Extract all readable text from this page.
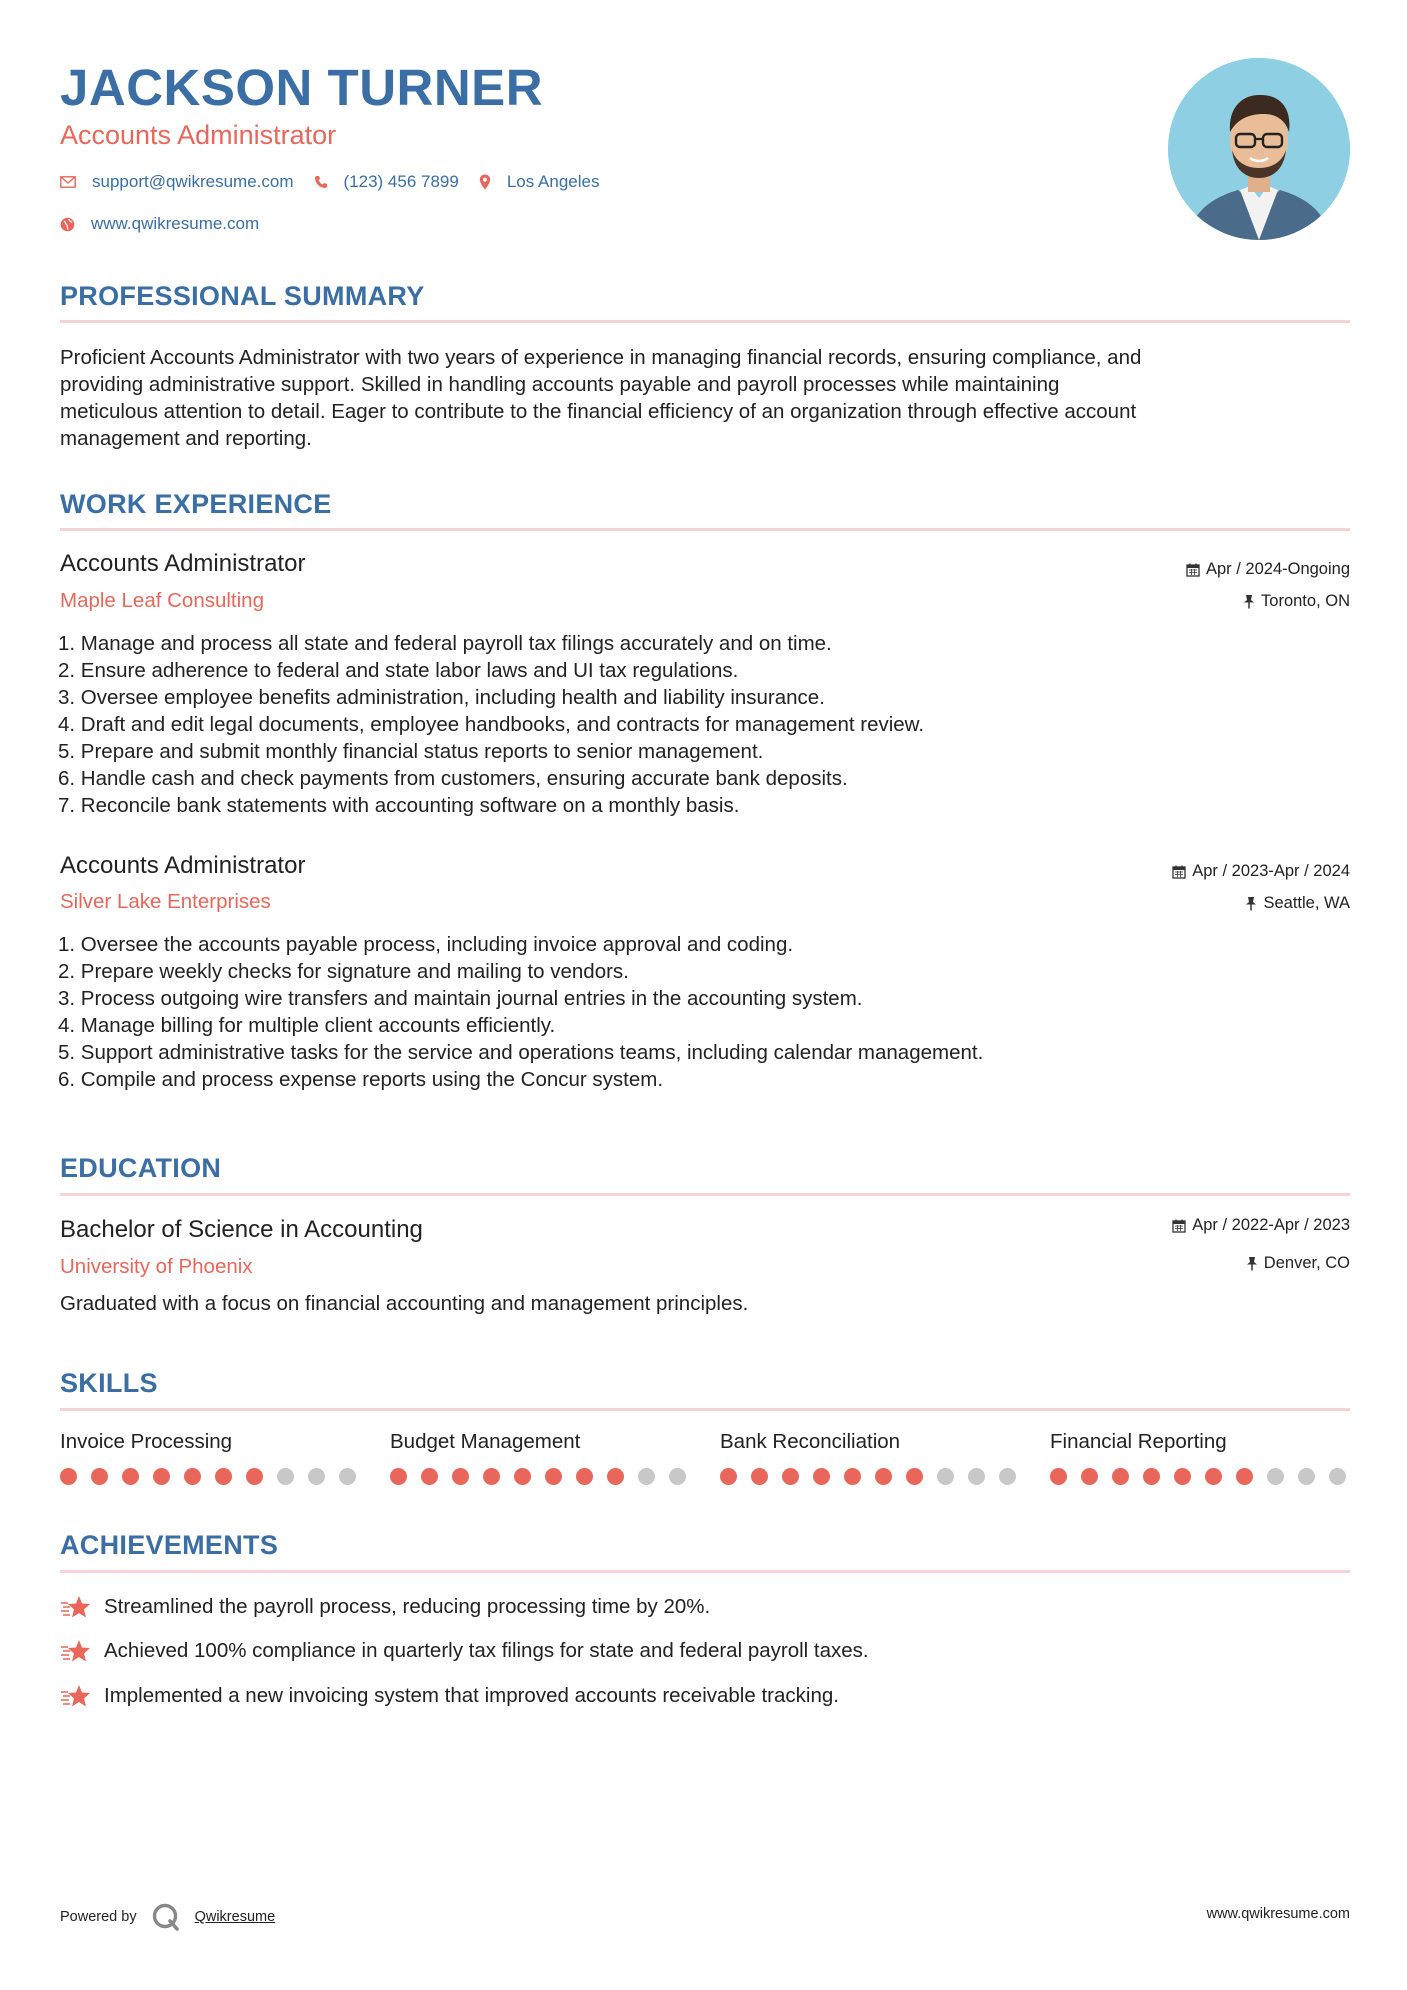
JACKSON TURNER
Accounts Administrator
support@qwikresume.com	(123) 456 7899	Los Angeles
www.qwikresume.com
PROFESSIONAL SUMMARY
Proficient Accounts Administrator with two years of experience in managing financial records, ensuring compliance, and
providing administrative support. Skilled in handling accounts payable and payroll processes while maintaining
meticulous attention to detail. Eager to contribute to the financial efficiency of an organization through effective account
management and reporting.
WORK EXPERIENCE
Accounts Administrator
Maple Leaf Consulting
Apr / 2024-Ongoing
Toronto, ON
1. Manage and process all state and federal payroll tax filings accurately and on time.
2. Ensure adherence to federal and state labor laws and UI tax regulations.
3. Oversee employee benefits administration, including health and liability insurance.
4. Draft and edit legal documents, employee handbooks, and contracts for management review.
5. Prepare and submit monthly financial status reports to senior management.
6. Handle cash and check payments from customers, ensuring accurate bank deposits.
7. Reconcile bank statements with accounting software on a monthly basis.
Accounts Administrator
Silver Lake Enterprises
Apr / 2023-Apr / 2024
Seattle, WA
1. Oversee the accounts payable process, including invoice approval and coding.
2. Prepare weekly checks for signature and mailing to vendors.
3. Process outgoing wire transfers and maintain journal entries in the accounting system.
4. Manage billing for multiple client accounts efficiently.
5. Support administrative tasks for the service and operations teams, including calendar management.
6. Compile and process expense reports using the Concur system.
EDUCATION
Bachelor of Science in Accounting
University of Phoenix
Apr / 2022-Apr / 2023
Denver, CO
Graduated with a focus on financial accounting and management principles.
SKILLS
Invoice Processing	Budget Management	Bank Reconciliation	Financial Reporting
ACHIEVEMENTS
Streamlined the payroll process, reducing processing time by 20%.
Achieved 100% compliance in quarterly tax filings for state and federal payroll taxes.
Implemented a new invoicing system that improved accounts receivable tracking.
Powered by	Qwikresume	www.qwikresume.com
